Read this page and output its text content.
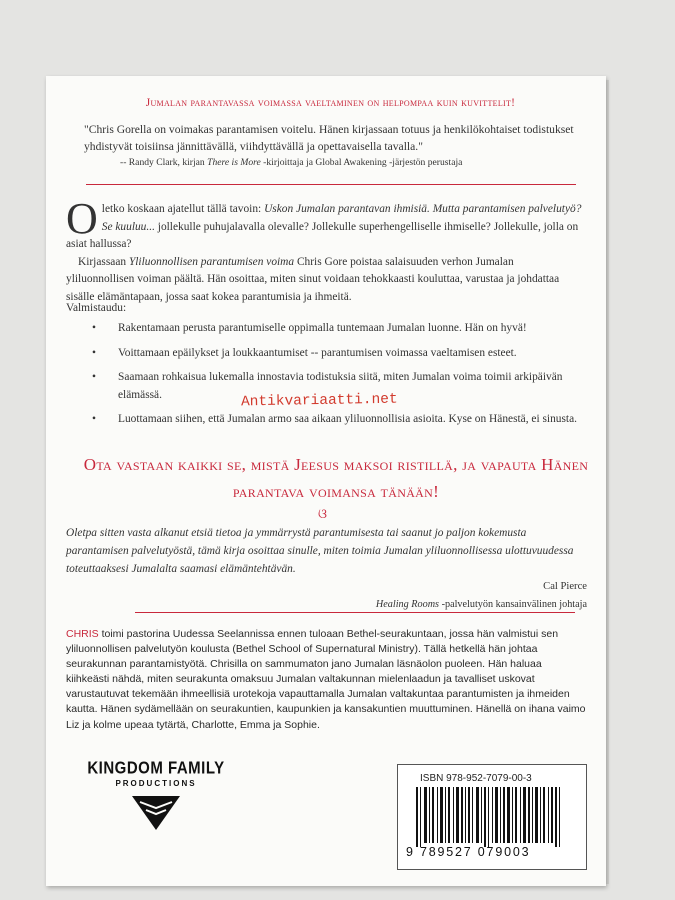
Jumalan parantavassa voimassa vaeltaminen on helpompaa kuin kuvittelit!
"Chris Gorella on voimakas parantamisen voitelu. Hänen kirjassaan totuus ja henkilökohtaiset todistukset yhdistyvät toisiinsa jännittävällä, viihdyttävällä ja opettavaisella tavalla."
-- Randy Clark, kirjan There is More -kirjoittaja ja Global Awakening -järjestön perustaja

Oletko koskaan ajatellut tällä tavoin: Uskon Jumalan parantavan ihmisiä. Mutta parantamisen palvelutyö? Se kuuluu... jollekulle puhujalavalla olevalle? Jollekulle superhengelliselle ihmiselle? Jollekulle, jolla on asiat hallussa?

Kirjassaan Yliluonnollisen parantumisen voima Chris Gore poistaa salaisuuden verhon Jumalan yliluonnollisen voiman päältä. Hän osoittaa, miten sinut voidaan tehokkaasti kouluttaa, varustaa ja johdattaa sisälle elämäntapaan, jossa saat kokea parantumisia ja ihmeitä.

Valmistaudu:
• Rakentamaan perusta parantumiselle oppimalla tuntemaan Jumalan luonne. Hän on hyvä!
• Voittamaan epäilykset ja loukkaantumiset -- parantumisen voimassa vaeltamisen esteet.
• Saamaan rohkaisua lukemalla innostavia todistuksia siitä, miten Jumalan voima toimii arkipäivän elämässä.
• Luottamaan siihen, että Jumalan armo saa aikaan yliluonnollisia asioita. Kyse on Hänestä, ei sinusta.
Antikvariaatti.net
Ota vastaan kaikki se, mistä Jeesus maksoi ristillä, ja vapauta Hänen parantava voimansa tänään!
ଓ
Oletpa sitten vasta alkanut etsiä tietoa ja ymmärrystä parantumisesta tai saanut jo paljon kokemusta parantamisen palvelutyöstä, tämä kirja osoittaa sinulle, miten toimia Jumalan yliluonnollisessa ulottuvuudessa toteuttaaksesi Jumalalta saamasi elämäntehtävän.
Cal Pierce
Healing Rooms -palvelutyön kansainvälinen johtaja
CHRIS toimi pastorina Uudessa Seelannissa ennen tuloaan Bethel-seurakuntaan, jossa hän valmistui sen yliluonnollisen palvelutyön koulusta (Bethel School of Supernatural Ministry). Tällä hetkellä hän johtaa seurakunnan parantamistyötä. Chrisilla on sammumaton jano Jumalan läsnäolon puoleen. Hän haluaa kiihkeästi nähdä, miten seurakunta omaksuu Jumalan valtakunnan mielenlaadun ja tavalliset uskovat varustautuvat tekemään ihmeellisiä urotekoja vapauttamalla Jumalan valtakuntaa parantumisten ja ihmeiden kautta. Hänen sydämellään on seurakuntien, kaupunkien ja kansakuntien muuttuminen. Hänellä on ihana vaimo Liz ja kolme upeaa tytärtä, Charlotte, Emma ja Sophie.
KINGDOM FAMILY
PRODUCTIONS	ISBN 978-952-7079-00-3
9 789527 079003
